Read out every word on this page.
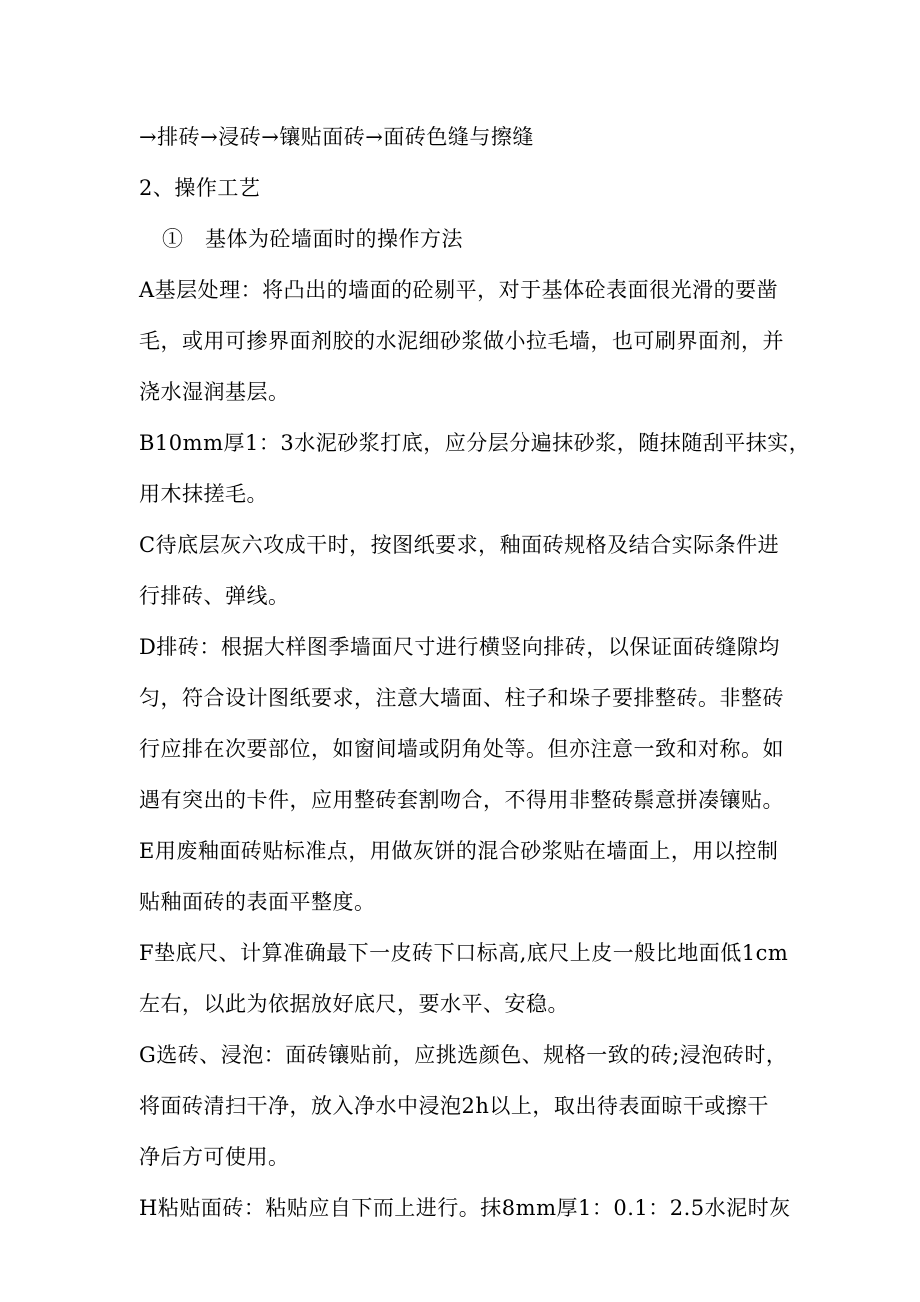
→排砖→浸砖→镶贴面砖→面砖色缝与擦缝
2、操作工艺
①　基体为砼墙面时的操作方法
A基层处理：将凸出的墙面的砼剔平，对于基体砼表面很光滑的要凿
毛，或用可掺界面剂胶的水泥细砂浆做小拉毛墙，也可刷界面剂，并
浇水湿润基层。
B10mm厚1：3水泥砂浆打底，应分层分遍抹砂浆，随抹随刮平抹实，
用木抹搓毛。
C待底层灰六攻成干时，按图纸要求，釉面砖规格及结合实际条件进
行排砖、弹线。
D排砖：根据大样图季墙面尺寸进行横竖向排砖，以保证面砖缝隙均
匀，符合设计图纸要求，注意大墙面、柱子和垛子要排整砖。非整砖
行应排在次要部位，如窗间墙或阴角处等。但亦注意一致和对称。如
遇有突出的卡件，应用整砖套割吻合，不得用非整砖鬃意拼凑镶贴。
E用废釉面砖贴标准点，用做灰饼的混合砂浆贴在墙面上，用以控制
贴釉面砖的表面平整度。
F垫底尺、计算准确最下一皮砖下口标高,底尺上皮一般比地面低1cm
左右，以此为依据放好底尺，要水平、安稳。
G选砖、浸泡：面砖镶贴前，应挑选颜色、规格一致的砖;浸泡砖时，
将面砖清扫干净，放入净水中浸泡2h以上，取出待表面晾干或擦干
净后方可使用。
H粘贴面砖：粘贴应自下而上进行。抹8mm厚1：0.1：2.5水泥时灰
